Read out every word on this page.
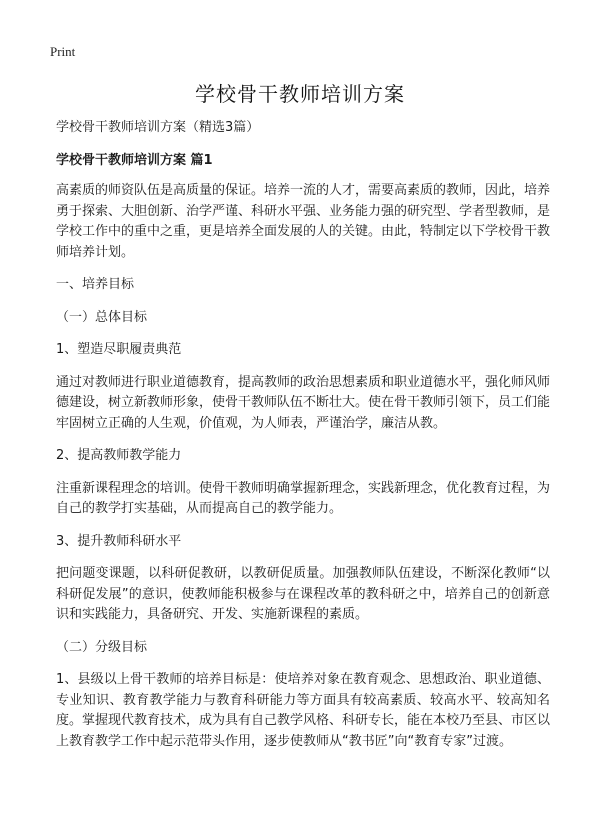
Print
学校骨干教师培训方案

学校骨干教师培训方案（精选3篇）

学校骨干教师培训方案 篇1

高素质的师资队伍是高质量的保证。培养一流的人才，需要高素质的教师，因此，培养勇于探索、大胆创新、治学严谨、科研水平强、业务能力强的研究型、学者型教师，是学校工作中的重中之重，更是培养全面发展的人的关键。由此，特制定以下学校骨干教师培养计划。

一、培养目标

（一）总体目标

1、塑造尽职履责典范

通过对教师进行职业道德教育，提高教师的政治思想素质和职业道德水平，强化师风师德建设，树立新教师形象，使骨干教师队伍不断壮大。使在骨干教师引领下，员工们能牢固树立正确的人生观，价值观，为人师表，严谨治学，廉洁从教。

2、提高教师教学能力

注重新课程理念的培训。使骨干教师明确掌握新理念，实践新理念，优化教育过程，为自己的教学打实基础，从而提高自己的教学能力。

3、提升教师科研水平

把问题变课题，以科研促教研，以教研促质量。加强教师队伍建设，不断深化教师“以科研促发展”的意识，使教师能积极参与在课程改革的教科研之中，培养自己的创新意识和实践能力，具备研究、开发、实施新课程的素质。

（二）分级目标

1、县级以上骨干教师的培养目标是：使培养对象在教育观念、思想政治、职业道德、专业知识、教育教学能力与教育科研能力等方面具有较高素质、较高水平、较高知名度。掌握现代教育技术，成为具有自己教学风格、科研专长，能在本校乃至县、市区以上教育教学工作中起示范带头作用，逐步使教师从“教书匠”向“教育专家”过渡。
